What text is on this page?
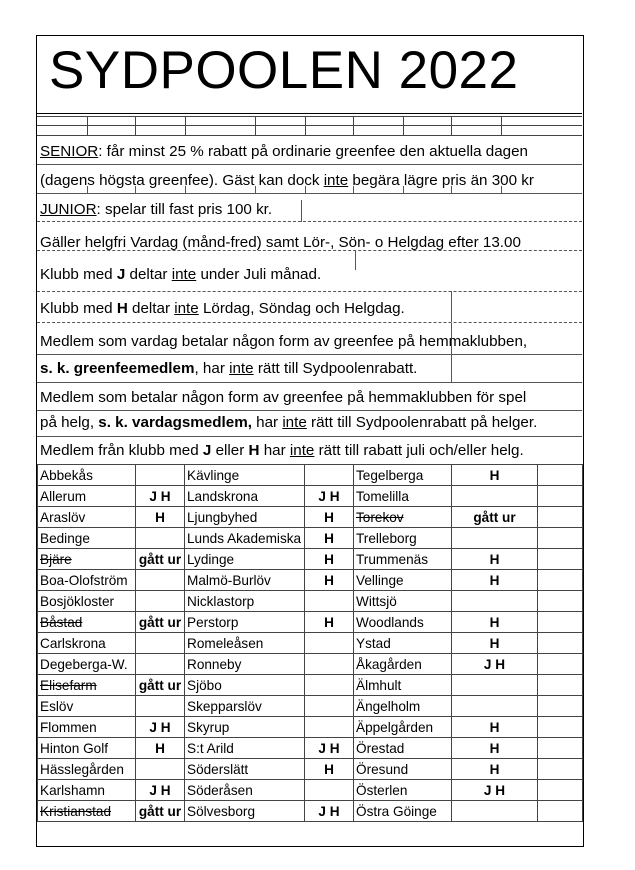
SYDPOOLEN 2022
SENIOR: får minst 25 % rabatt på ordinarie greenfee den aktuella dagen
(dagens högsta greenfee). Gäst kan dock inte begära lägre pris än 300 kr
JUNIOR: spelar till fast pris 100 kr.
Gäller helgfri Vardag (månd-fred) samt Lör-, Sön- o Helgdag efter 13.00
Klubb med J deltar inte under Juli månad.
Klubb med H deltar inte Lördag, Söndag och Helgdag.
Medlem som vardag betalar någon form av greenfee på hemmaklubben,
s. k. greenfeemedlem, har inte rätt till Sydpoolenrabatt.
Medlem som betalar någon form av greenfee på hemmaklubben för spel
på helg, s. k. vardagsmedlem, har inte rätt till Sydpoolenrabatt på helger.
Medlem från klubb med J eller H har inte rätt till rabatt juli och/eller helg.
Abbekås		Kävlinge		Tegelberga	H	
Allerum	J H	Landskrona	J H	Tomelilla		
Araslöv	H	Ljungbyhed	H	Torekov	gått ur	
Bedinge		Lunds Akademiska	H	Trelleborg		
Bjäre	gått ur	Lydinge	H	Trummenäs	H	
Boa-Olofström		Malmö-Burlöv	H	Vellinge	H	
Bosjökloster		Nicklastorp		Wittsjö		
Båstad	gått ur	Perstorp	H	Woodlands	H	
Carlskrona		Romeleåsen		Ystad	H	
Degeberga-W.		Ronneby		Åkagården	J H	
Elisefarm	gått ur	Sjöbo		Älmhult		
Eslöv		Skepparslöv		Ängelholm		
Flommen	J H	Skyrup		Äppelgården	H	
Hinton Golf	H	S:t Arild	J H	Örestad	H	
Hässlegården		Söderslätt	H	Öresund	H	
Karlshamn	J H	Söderåsen		Österlen	J H	
Kristianstad	gått ur	Sölvesborg	J H	Östra Göinge		
